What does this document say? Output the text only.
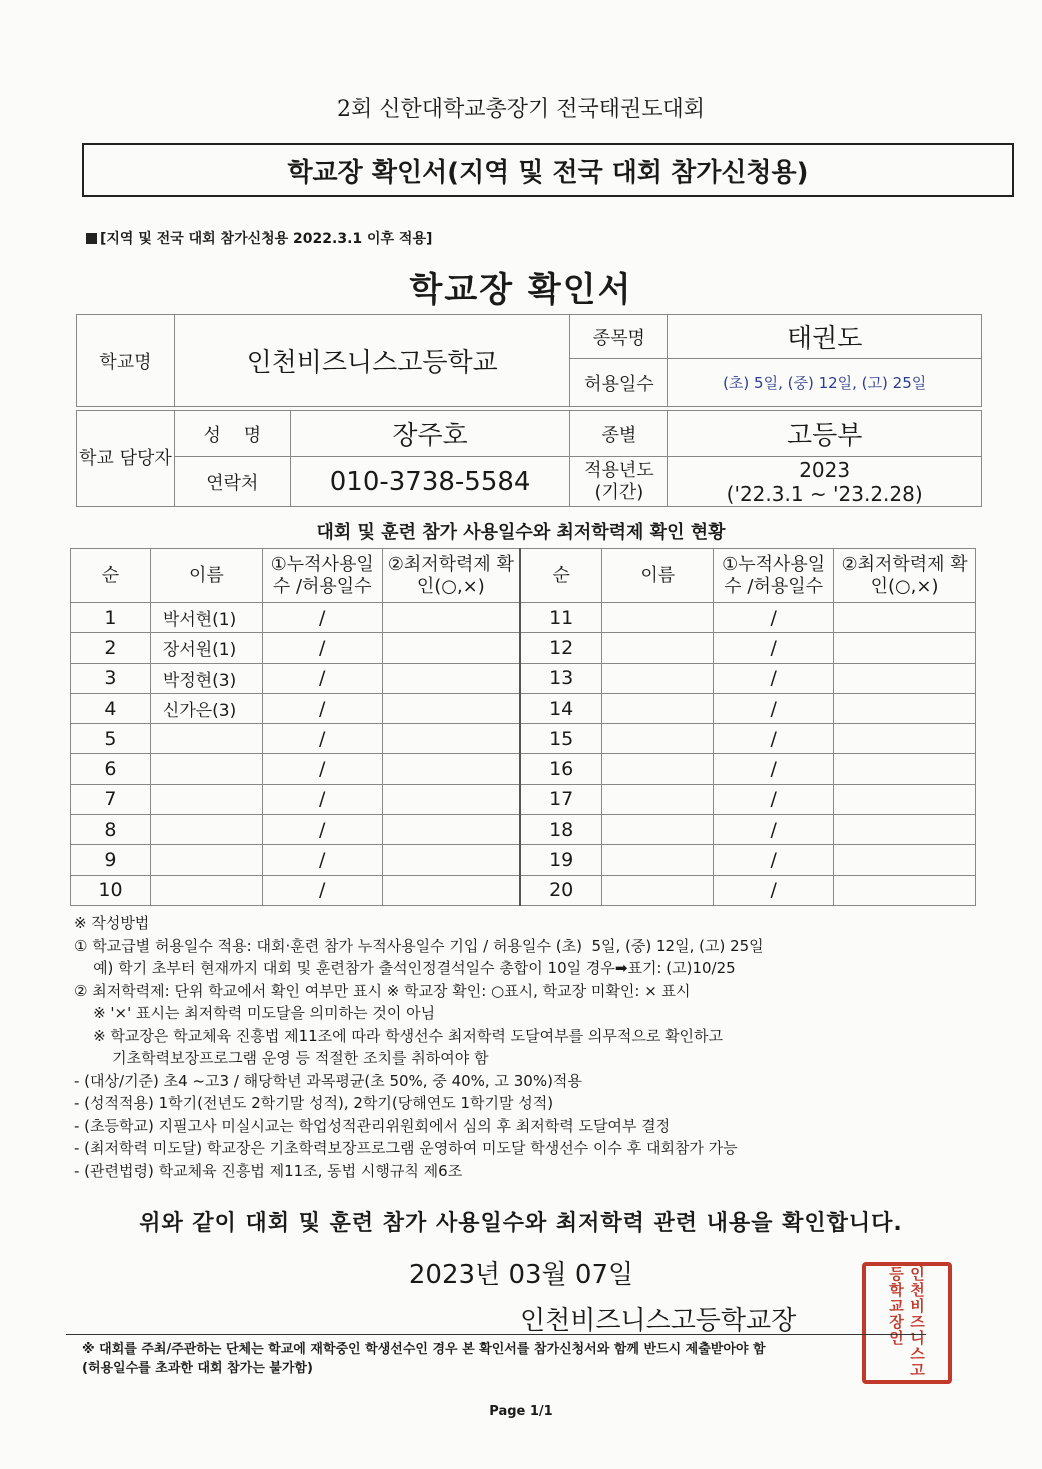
2회 신한대학교총장기 전국태권도대회
학교장 확인서(지역 및 전국 대회 참가신청용)
[지역 및 전국 대회 참가신청용 2022.3.1 이후 적용]
학교장 확인서
학교명	인천비즈니스고등학교		종목명	태권도
			허용일수	(초) 5일, (중) 12일, (고) 25일

학교 담당자	성    명	장주호	종별	고등부
	연락처	010-3738-5584	적용년도 (기간)	2023
('22.3.1 ~ '23.2.28)
대회 및 훈련 참가 사용일수와 최저학력제 확인 현황
순	이름	①누적사용일수 /허용일수	②최저학력제 확인(○,×)	순	이름	①누적사용일수 /허용일수	②최저학력제 확인(○,×)
1	박서현(1)	/		11		/	
2	장서원(1)	/		12		/	
3	박정현(3)	/		13		/	
4	신가은(3)	/		14		/	
5		/		15		/	
6		/		16		/	
7		/		17		/	
8		/		18		/	
9		/		19		/	
10		/		20		/	
※ 작성방법
① 학교급별 허용일수 적용: 대회·훈련 참가 누적사용일수 기입 / 허용일수 (초)  5일, (중) 12일, (고) 25일
예) 학기 초부터 현재까지 대회 및 훈련참가 출석인정결석일수 총합이 10일 경우➡표기: (고)10/25
② 최저학력제: 단위 학교에서 확인 여부만 표시 ※ 학교장 확인: ○표시, 학교장 미확인: × 표시
※ '×' 표시는 최저학력 미도달을 의미하는 것이 아님
※ 학교장은 학교체육 진흥법 제11조에 따라 학생선수 최저학력 도달여부를 의무적으로 확인하고
기초학력보장프로그램 운영 등 적절한 조치를 취하여야 함
- (대상/기준) 초4 ~고3 / 해당학년 과목평균(초 50%, 중 40%, 고 30%)적용
- (성적적용) 1학기(전년도 2학기말 성적), 2학기(당해연도 1학기말 성적)
- (초등학교) 지필고사 미실시교는 학업성적관리위원회에서 심의 후 최저학력 도달여부 결정
- (최저학력 미도달) 학교장은 기초학력보장프로그램 운영하여 미도달 학생선수 이수 후 대회참가 가능
- (관련법령) 학교체육 진흥법 제11조, 동법 시행규칙 제6조
위와 같이 대회 및 훈련 참가 사용일수와 최저학력 관련 내용을 확인합니다.
2023년 03월 07일
인천비즈니스고등학교장	인천비즈니스고등학교장인
※ 대회를 주최/주관하는 단체는 학교에 재학중인 학생선수인 경우 본 확인서를 참가신청서와 함께 반드시 제출받아야 함
(허용일수를 초과한 대회 참가는 불가함)
Page 1/1
